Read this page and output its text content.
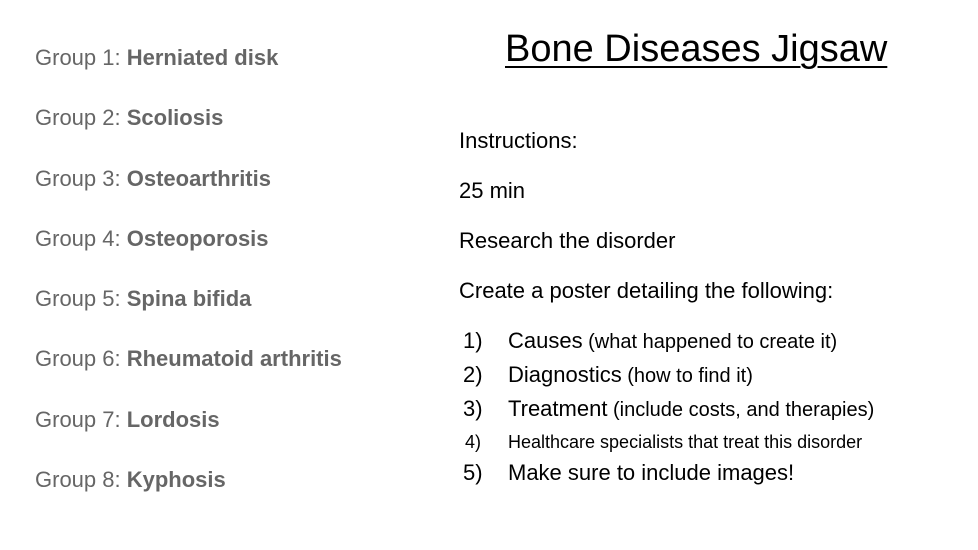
Group 1: Herniated disk
Group 2: Scoliosis
Group 3: Osteoarthritis
Group 4: Osteoporosis
Group 5: Spina bifida
Group 6: Rheumatoid arthritis
Group 7: Lordosis
Group 8: Kyphosis
Bone Diseases Jigsaw
Instructions:
25 min
Research the disorder
Create a poster detailing the following:
1)	Causes (what happened to create it)
2)	Diagnostics (how to find it)
3)	Treatment (include costs, and therapies)
4)	Healthcare specialists that treat this disorder
5)	Make sure to include images!
